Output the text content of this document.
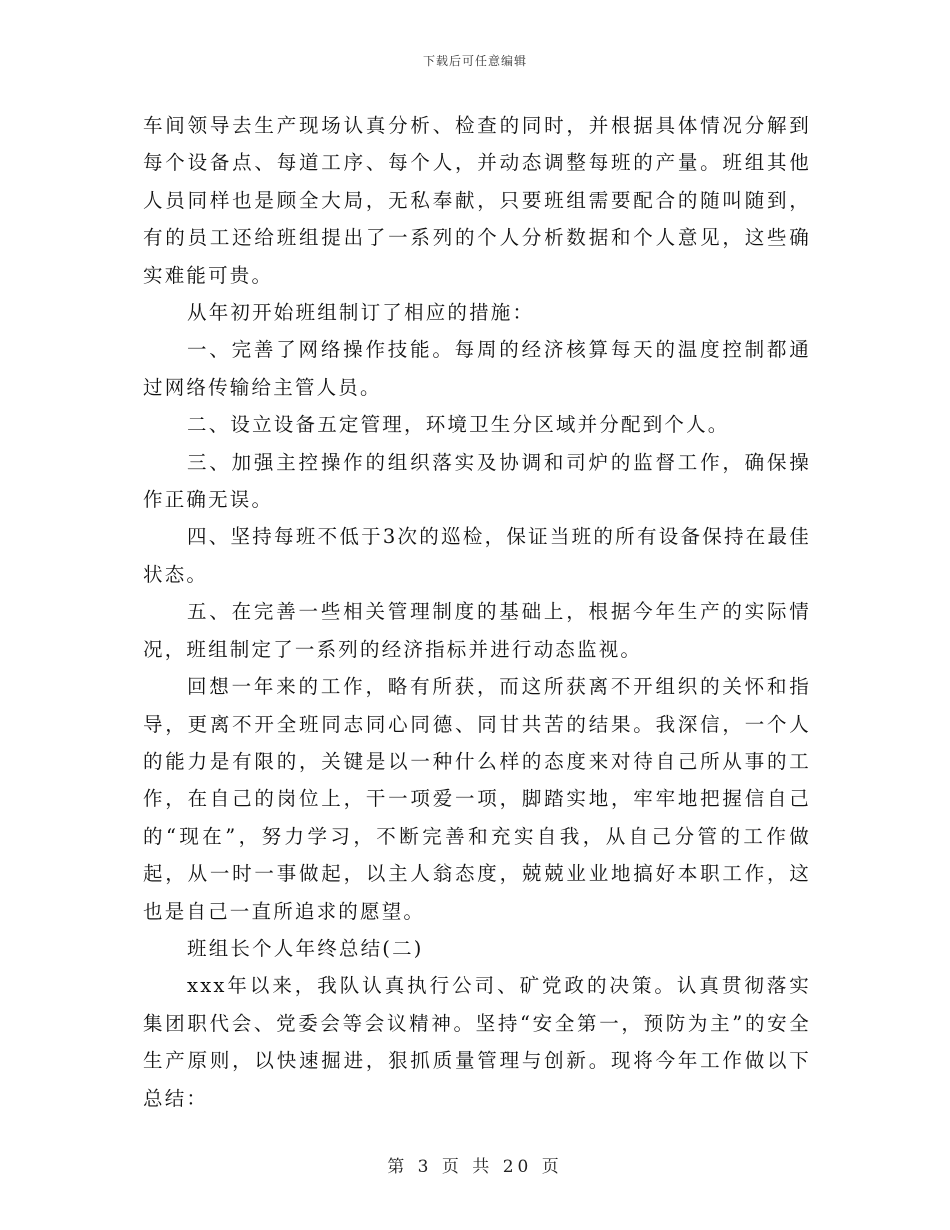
下载后可任意编辑

车间领导去生产现场认真分析、检查的同时，并根据具体情况分解到每个设备点、每道工序、每个人，并动态调整每班的产量。班组其他人员同样也是顾全大局，无私奉献，只要班组需要配合的随叫随到，有的员工还给班组提出了一系列的个人分析数据和个人意见，这些确实难能可贵。

从年初开始班组制订了相应的措施：

一、完善了网络操作技能。每周的经济核算每天的温度控制都通过网络传输给主管人员。

二、设立设备五定管理，环境卫生分区域并分配到个人。

三、加强主控操作的组织落实及协调和司炉的监督工作，确保操作正确无误。

四、坚持每班不低于3次的巡检，保证当班的所有设备保持在最佳状态。

五、在完善一些相关管理制度的基础上，根据今年生产的实际情况，班组制定了一系列的经济指标并进行动态监视。

回想一年来的工作，略有所获，而这所获离不开组织的关怀和指导，更离不开全班同志同心同德、同甘共苦的结果。我深信，一个人的能力是有限的，关键是以一种什么样的态度来对待自己所从事的工作，在自己的岗位上，干一项爱一项，脚踏实地，牢牢地把握信自己的“现在”，努力学习，不断完善和充实自我，从自己分管的工作做起，从一时一事做起，以主人翁态度，兢兢业业地搞好本职工作，这也是自己一直所追求的愿望。

班组长个人年终总结(二)

xxx年以来，我队认真执行公司、矿党政的决策。认真贯彻落实集团职代会、党委会等会议精神。坚持“安全第一，预防为主”的安全生产原则，以快速掘进，狠抓质量管理与创新。现将今年工作做以下总结：

第 3 页 共 20 页
